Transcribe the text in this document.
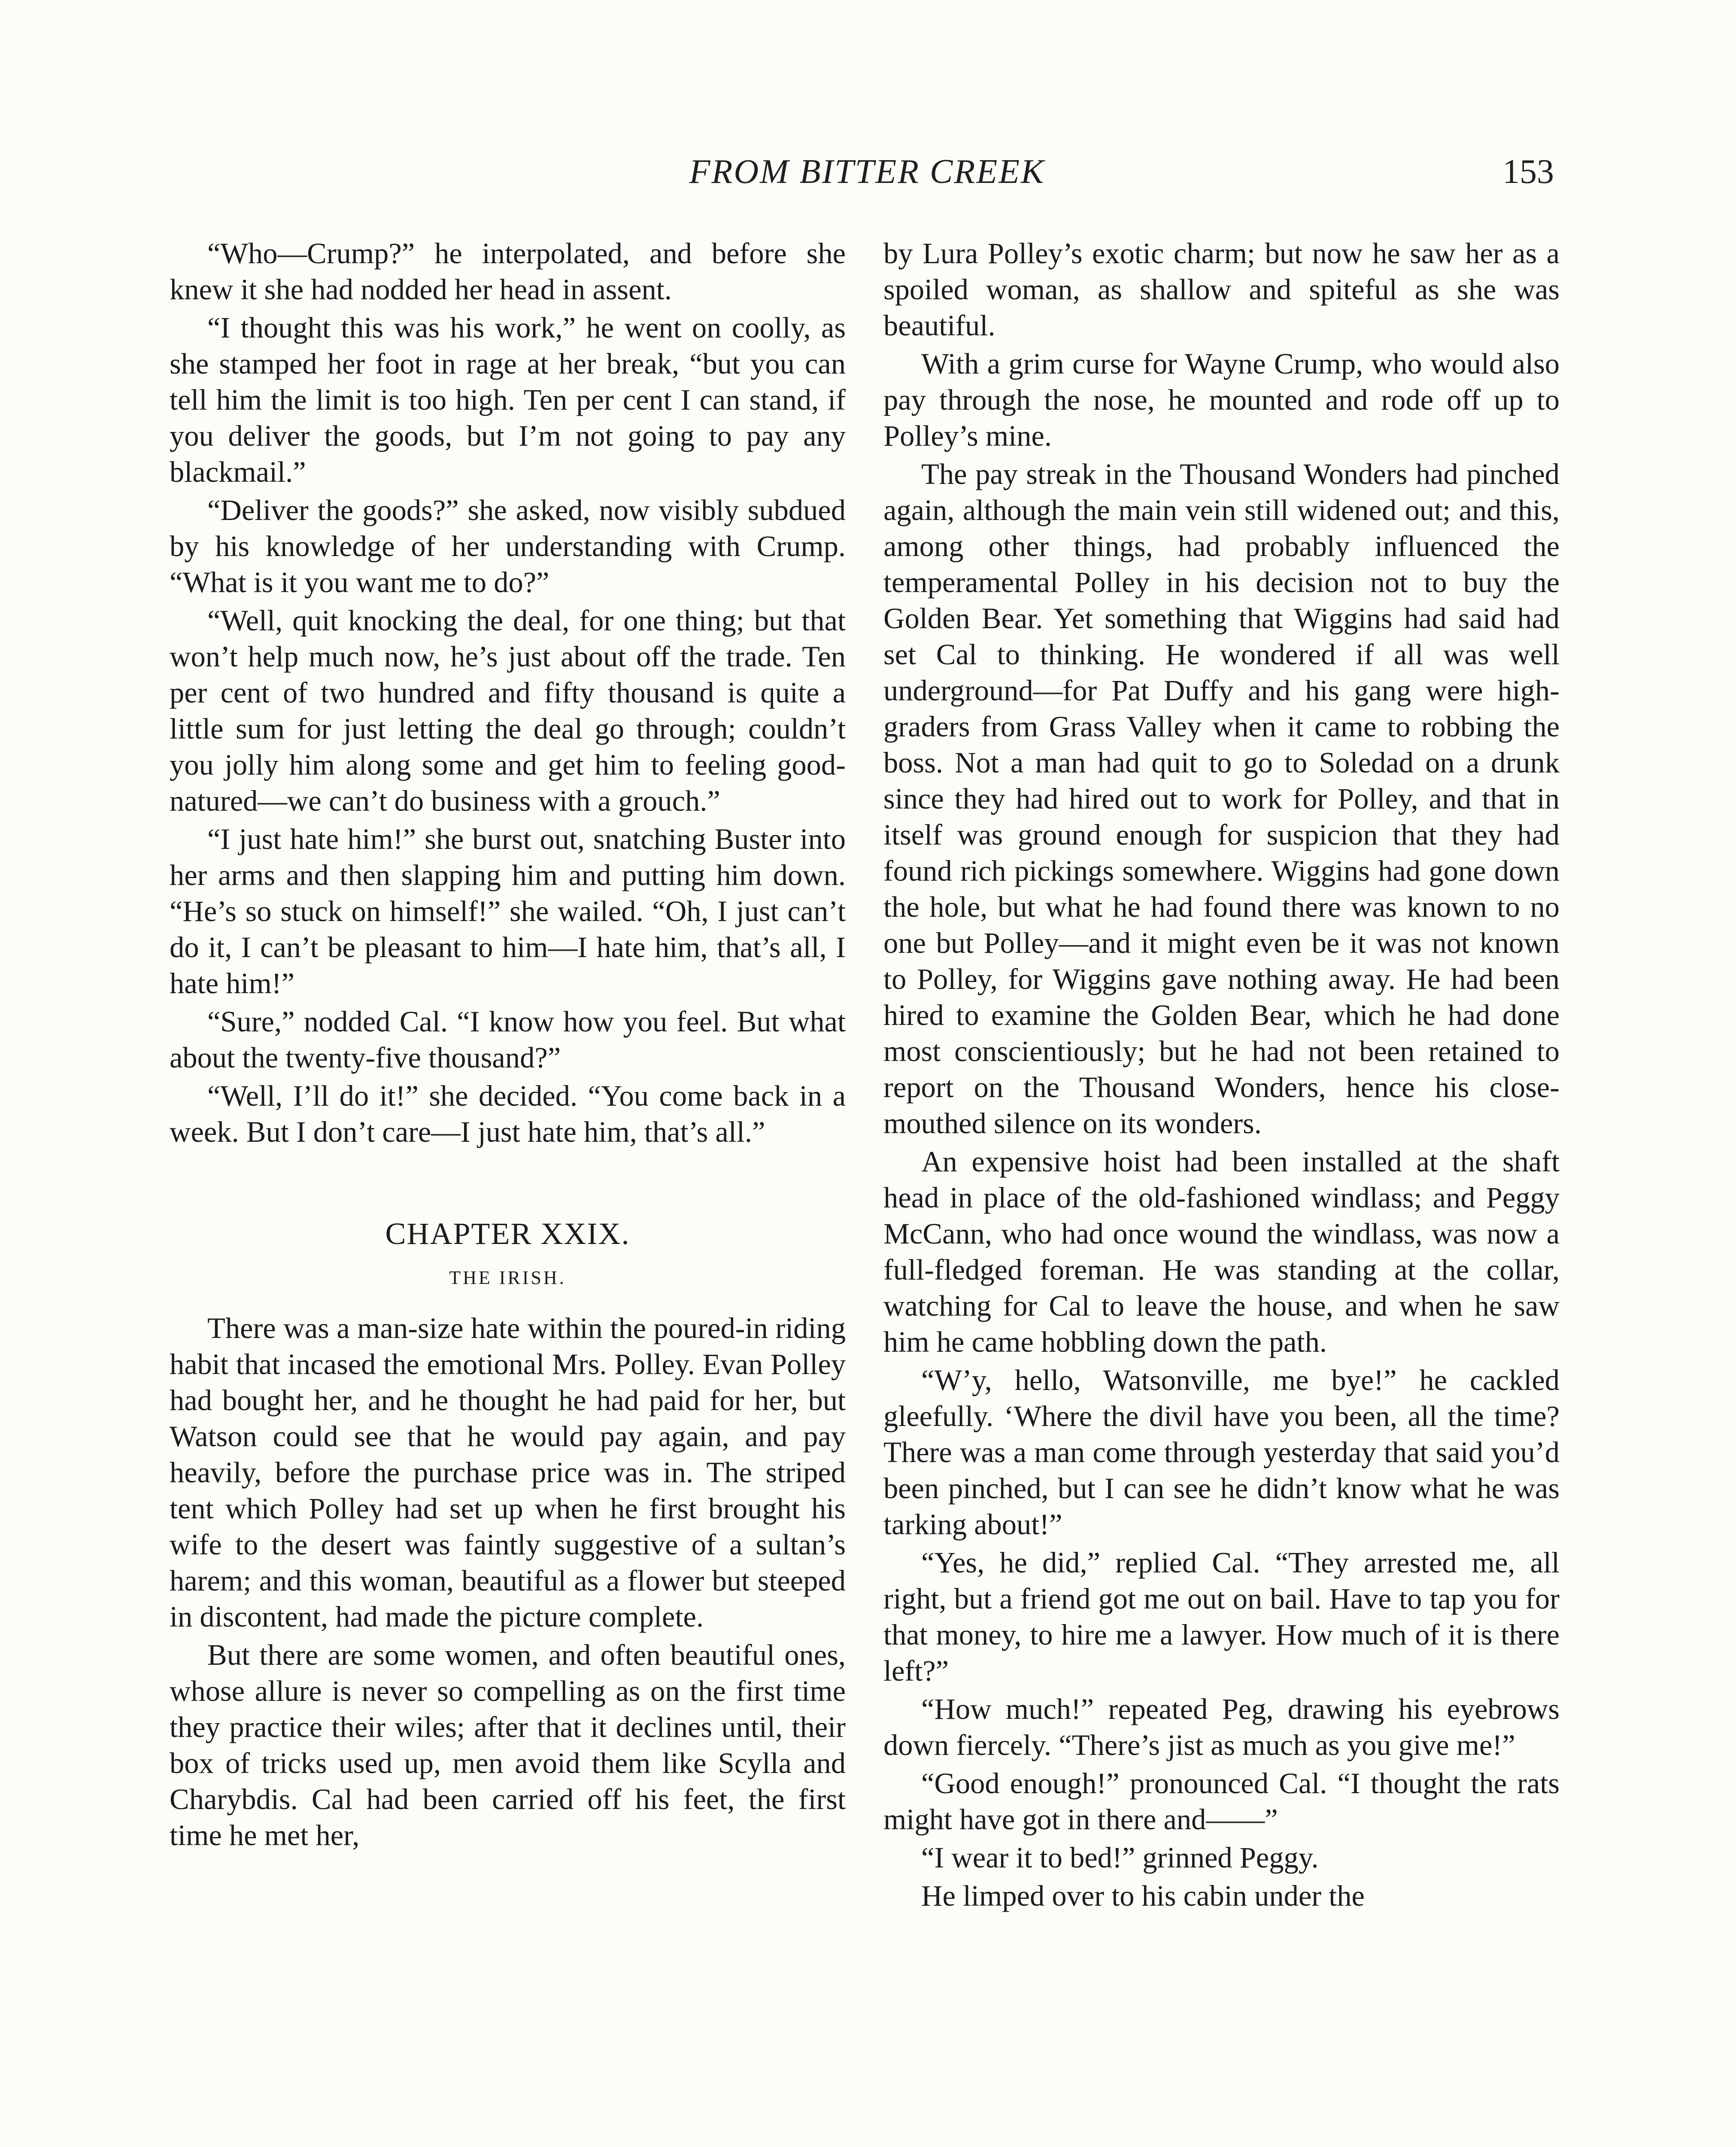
FROM BITTER CREEK	153

“Who—Crump?” he interpolated, and before she knew it she had nodded her head in assent.

“I thought this was his work,” he went on coolly, as she stamped her foot in rage at her break, “but you can tell him the limit is too high. Ten per cent I can stand, if you deliver the goods, but I’m not going to pay any blackmail.”

“Deliver the goods?” she asked, now visibly subdued by his knowledge of her understanding with Crump. “What is it you want me to do?”

“Well, quit knocking the deal, for one thing; but that won’t help much now, he’s just about off the trade. Ten per cent of two hundred and fifty thousand is quite a little sum for just letting the deal go through; couldn’t you jolly him along some and get him to feeling good-natured—we can’t do business with a grouch.”

“I just hate him!” she burst out, snatching Buster into her arms and then slapping him and putting him down. “He’s so stuck on himself!” she wailed. “Oh, I just can’t do it, I can’t be pleasant to him—I hate him, that’s all, I hate him!”

“Sure,” nodded Cal. “I know how you feel. But what about the twenty-five thousand?”

“Well, I’ll do it!” she decided. “You come back in a week. But I don’t care—I just hate him, that’s all.”

CHAPTER XXIX.
THE IRISH.

There was a man-size hate within the poured-in riding habit that incased the emotional Mrs. Polley. Evan Polley had bought her, and he thought he had paid for her, but Watson could see that he would pay again, and pay heavily, before the purchase price was in. The striped tent which Polley had set up when he first brought his wife to the desert was faintly suggestive of a sultan’s harem; and this woman, beautiful as a flower but steeped in discontent, had made the picture complete.

But there are some women, and often beautiful ones, whose allure is never so compelling as on the first time they practice their wiles; after that it declines until, their box of tricks used up, men avoid them like Scylla and Charybdis. Cal had been carried off his feet, the first time he met her,

by Lura Polley’s exotic charm; but now he saw her as a spoiled woman, as shallow and spiteful as she was beautiful.

With a grim curse for Wayne Crump, who would also pay through the nose, he mounted and rode off up to Polley’s mine.

The pay streak in the Thousand Wonders had pinched again, although the main vein still widened out; and this, among other things, had probably influenced the temperamental Polley in his decision not to buy the Golden Bear. Yet something that Wiggins had said had set Cal to thinking. He wondered if all was well underground—for Pat Duffy and his gang were high-graders from Grass Valley when it came to robbing the boss. Not a man had quit to go to Soledad on a drunk since they had hired out to work for Polley, and that in itself was ground enough for suspicion that they had found rich pickings somewhere. Wiggins had gone down the hole, but what he had found there was known to no one but Polley—and it might even be it was not known to Polley, for Wiggins gave nothing away. He had been hired to examine the Golden Bear, which he had done most conscientiously; but he had not been retained to report on the Thousand Wonders, hence his close-mouthed silence on its wonders.

An expensive hoist had been installed at the shaft head in place of the old-fashioned windlass; and Peggy McCann, who had once wound the windlass, was now a full-fledged foreman. He was standing at the collar, watching for Cal to leave the house, and when he saw him he came hobbling down the path.

“W’y, hello, Watsonville, me bye!” he cackled gleefully. ‘Where the divil have you been, all the time? There was a man come through yesterday that said you’d been pinched, but I can see he didn’t know what he was tarking about!”

“Yes, he did,” replied Cal. “They arrested me, all right, but a friend got me out on bail. Have to tap you for that money, to hire me a lawyer. How much of it is there left?”

“How much!” repeated Peg, drawing his eyebrows down fiercely. “There’s jist as much as you give me!”

“Good enough!” pronounced Cal. “I thought the rats might have got in there and——”

“I wear it to bed!” grinned Peggy.

He limped over to his cabin under the
